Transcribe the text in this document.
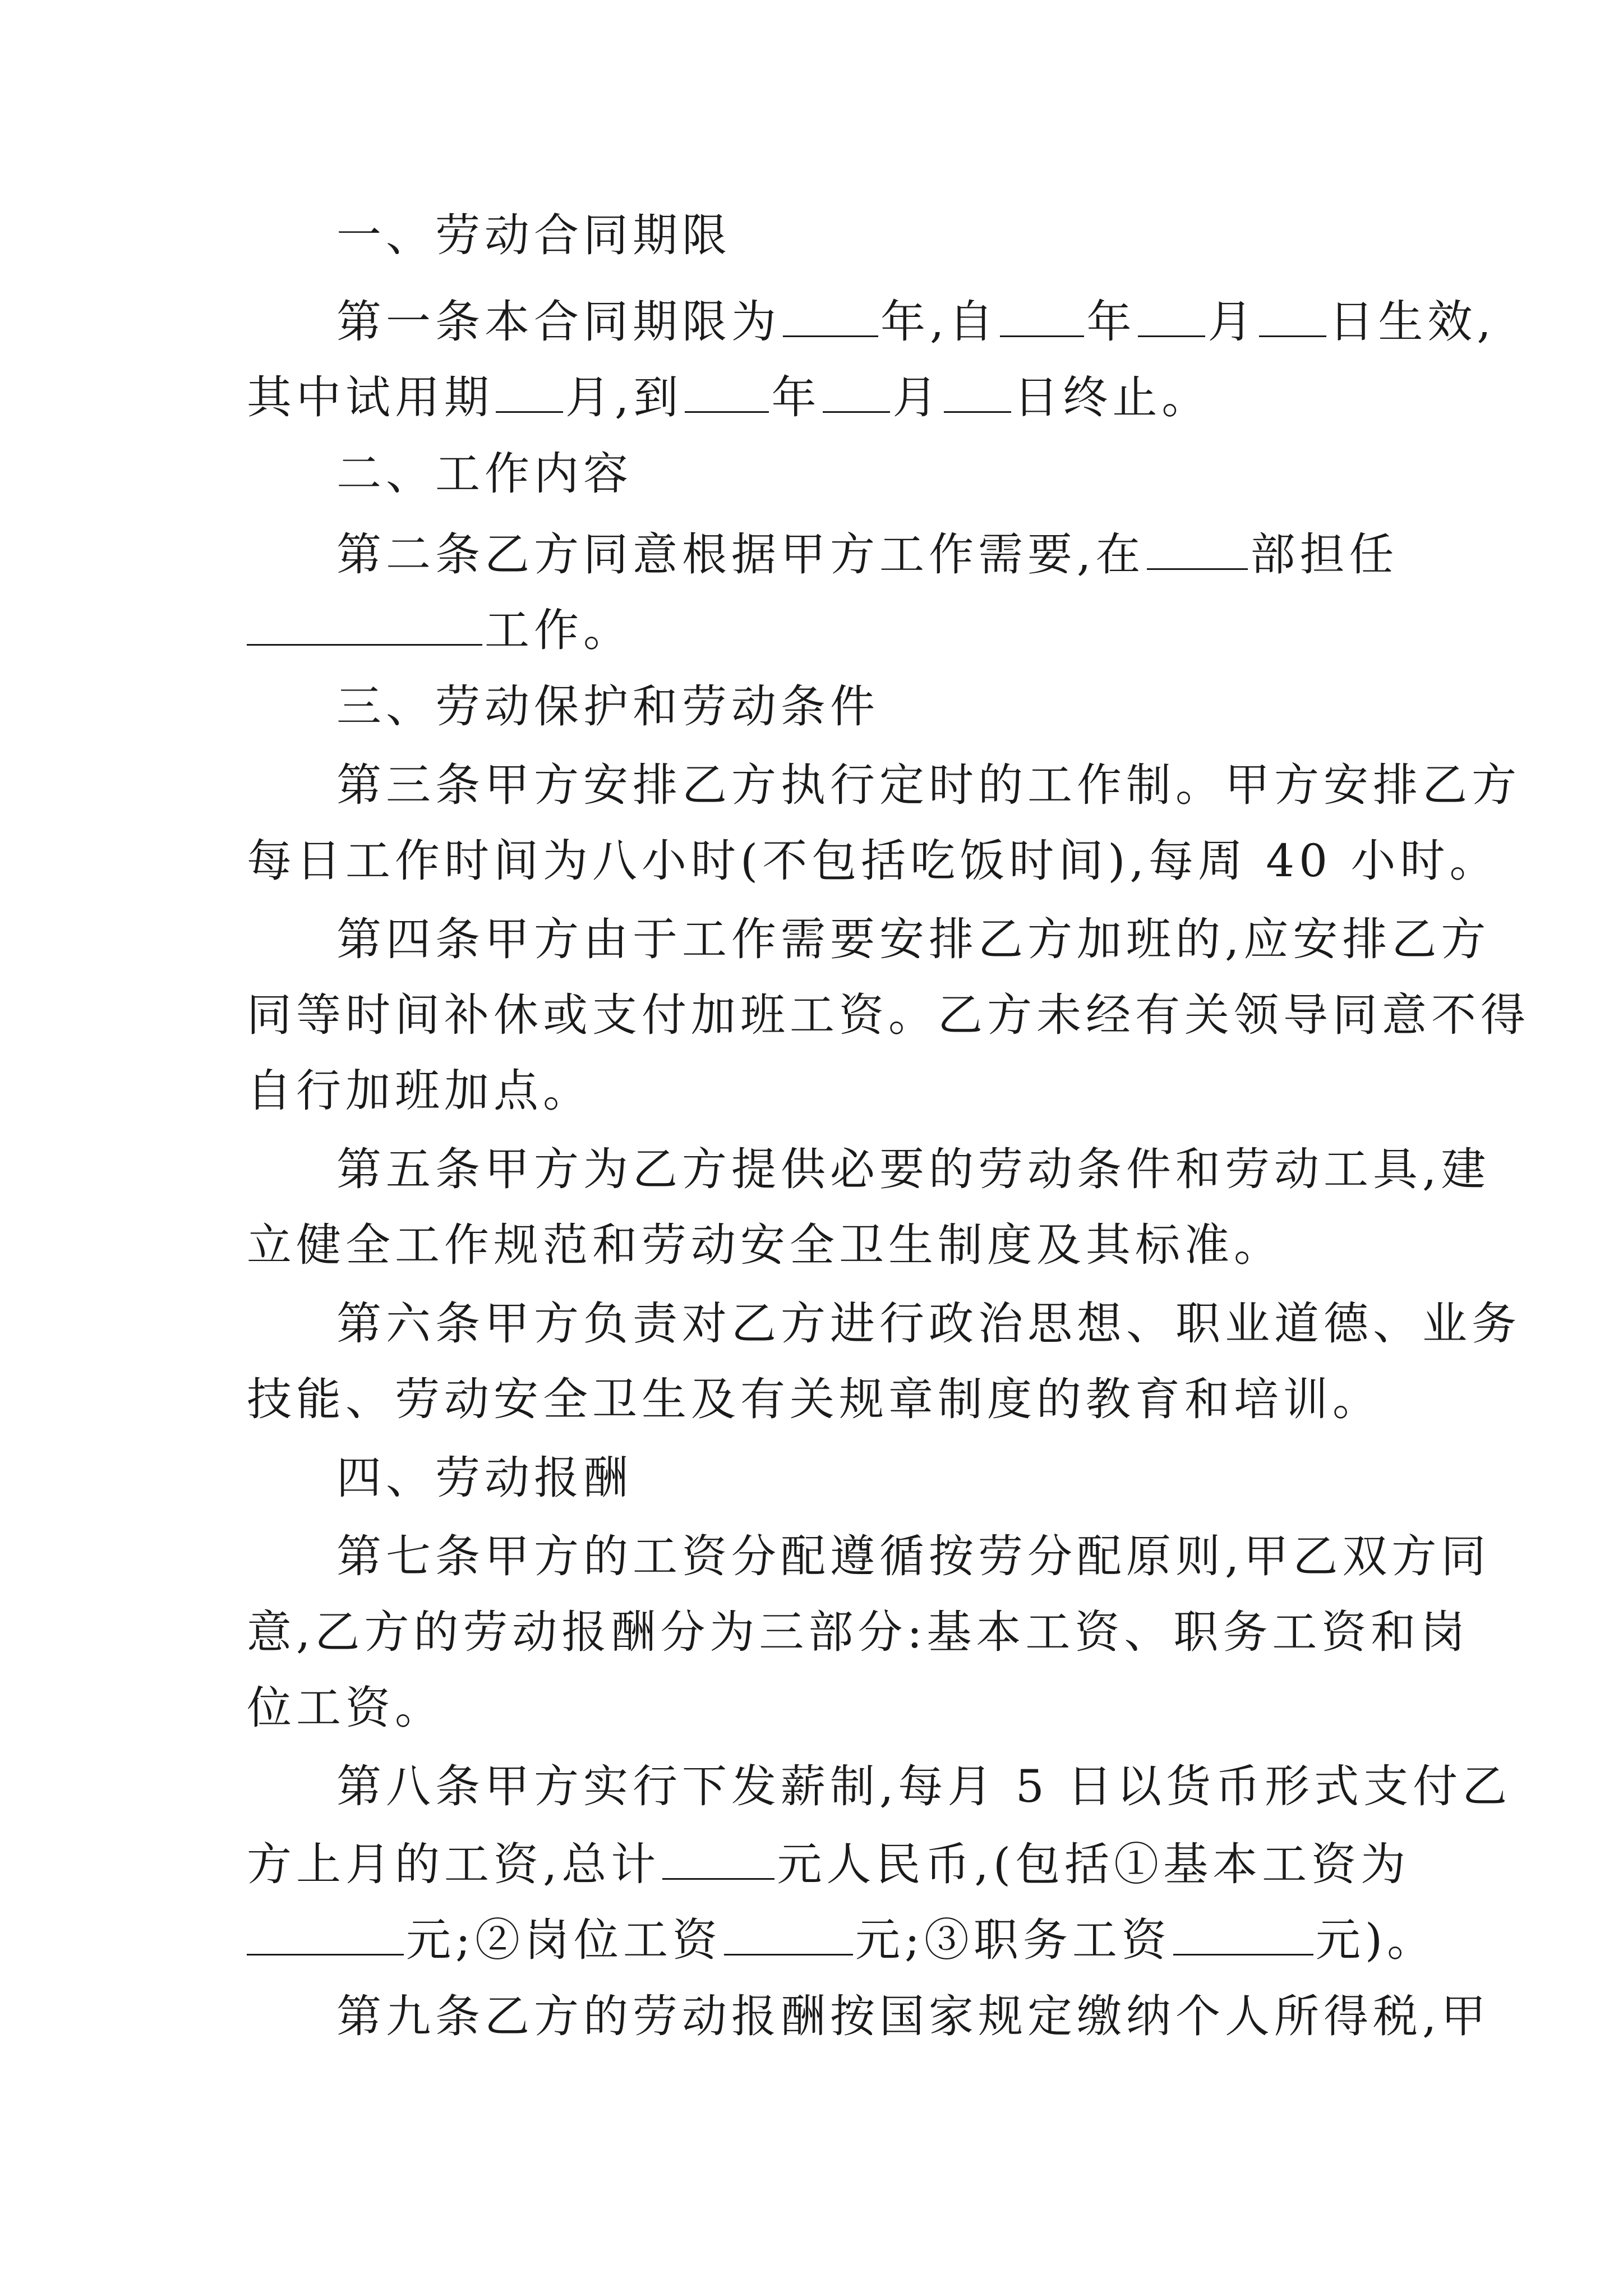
一、劳动合同期限
第一条本合同期限为 年,自 年 月 日生效,
其中试用期 月,到 年 月 日终止。
二、工作内容
第二条乙方同意根据甲方工作需要,在 部担任
工作。
三、劳动保护和劳动条件
第三条甲方安排乙方执行定时的工作制。甲方安排乙方
每日工作时间为八小时(不包括吃饭时间),每周 40 小时。
第四条甲方由于工作需要安排乙方加班的,应安排乙方
同等时间补休或支付加班工资。乙方未经有关领导同意不得
自行加班加点。
第五条甲方为乙方提供必要的劳动条件和劳动工具,建
立健全工作规范和劳动安全卫生制度及其标准。
第六条甲方负责对乙方进行政治思想、职业道德、业务
技能、劳动安全卫生及有关规章制度的教育和培训。
四、劳动报酬
第七条甲方的工资分配遵循按劳分配原则,甲乙双方同
意,乙方的劳动报酬分为三部分:基本工资、职务工资和岗
位工资。
第八条甲方实行下发薪制,每月 5 日以货币形式支付乙
方上月的工资,总计	元人民币,(包括①基本工资为
元;②岗位工资	元;③职务工资	元)。
第九条乙方的劳动报酬按国家规定缴纳个人所得税,甲
